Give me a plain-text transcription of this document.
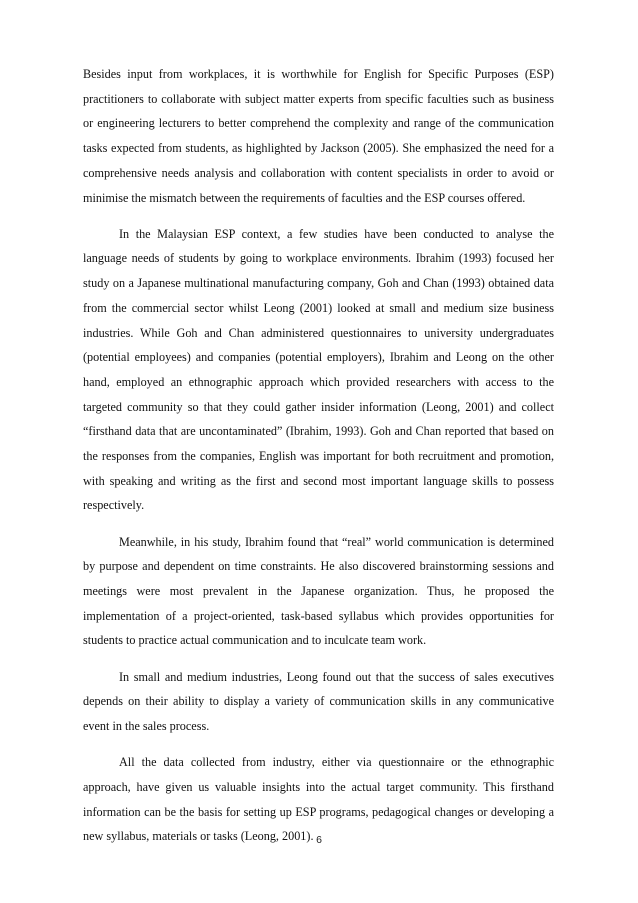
Besides input from workplaces, it is worthwhile for English for Specific Purposes (ESP) practitioners to collaborate with subject matter experts from specific faculties such as business or engineering lecturers to better comprehend the complexity and range of the communication tasks expected from students, as highlighted by Jackson (2005). She emphasized the need for a comprehensive needs analysis and collaboration with content specialists in order to avoid or minimise the mismatch between the requirements of faculties and the ESP courses offered.

In the Malaysian ESP context, a few studies have been conducted to analyse the language needs of students by going to workplace environments. Ibrahim (1993) focused her study on a Japanese multinational manufacturing company, Goh and Chan (1993) obtained data from the commercial sector whilst Leong (2001) looked at small and medium size business industries. While Goh and Chan administered questionnaires to university undergraduates (potential employees) and companies (potential employers), Ibrahim and Leong on the other hand, employed an ethnographic approach which provided researchers with access to the targeted community so that they could gather insider information (Leong, 2001) and collect “firsthand data that are uncontaminated” (Ibrahim, 1993). Goh and Chan reported that based on the responses from the companies, English was important for both recruitment and promotion, with speaking and writing as the first and second most important language skills to possess respectively.

Meanwhile, in his study, Ibrahim found that “real” world communication is determined by purpose and dependent on time constraints. He also discovered brainstorming sessions and meetings were most prevalent in the Japanese organization. Thus, he proposed the implementation of a project-oriented, task-based syllabus which provides opportunities for students to practice actual communication and to inculcate team work.

In small and medium industries, Leong found out that the success of sales executives depends on their ability to display a variety of communication skills in any communicative event in the sales process.

All the data collected from industry, either via questionnaire or the ethnographic approach, have given us valuable insights into the actual target community. This firsthand information can be the basis for setting up ESP programs, pedagogical changes or developing a new syllabus, materials or tasks (Leong, 2001). 6
